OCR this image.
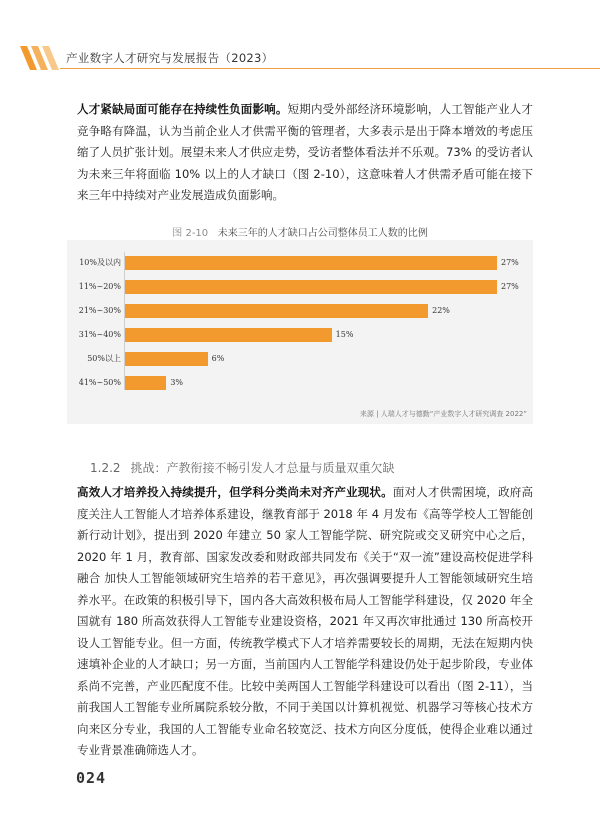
产业数字人才研究与发展报告（2023）
人才紧缺局面可能存在持续性负面影响。短期内受外部经济环境影响，人工智能产业人才竞争略有降温，认为当前企业人才供需平衡的管理者，大多表示是出于降本增效的考虑压缩了人员扩张计划。展望未来人才供应走势，受访者整体看法并不乐观。73% 的受访者认为未来三年将面临 10% 以上的人才缺口（图 2-10），这意味着人才供需矛盾可能在接下来三年中持续对产业发展造成负面影响。
图 2-10 未来三年的人才缺口占公司整体员工人数的比例
来源 | 人瑞人才与德勤“产业数字人才研究调查 2022”
10%及以内	27%
11%~20%	27%
21%~30%	22%
31%~40%	15%
50%以上	6%
41%~50%	3%
1.2.2 挑战：产教衔接不畅引发人才总量与质量双重欠缺
高效人才培养投入持续提升，但学科分类尚未对齐产业现状。面对人才供需困境，政府高度关注人工智能人才培养体系建设，继教育部于 2018 年 4 月发布《高等学校人工智能创新行动计划》，提出到 2020 年建立 50 家人工智能学院、研究院或交叉研究中心之后，2020 年 1 月，教育部、国家发改委和财政部共同发布《关于“双一流”建设高校促进学科融合 加快人工智能领域研究生培养的若干意见》，再次强调要提升人工智能领域研究生培养水平。在政策的积极引导下，国内各大高效积极布局人工智能学科建设，仅 2020 年全国就有 180 所高效获得人工智能专业建设资格，2021 年又再次审批通过 130 所高校开设人工智能专业。但一方面，传统教学模式下人才培养需要较长的周期，无法在短期内快速填补企业的人才缺口；另一方面，当前国内人工智能学科建设仍处于起步阶段，专业体系尚不完善，产业匹配度不佳。比较中美两国人工智能学科建设可以看出（图 2-11），当前我国人工智能专业所属院系较分散，不同于美国以计算机视觉、机器学习等核心技术方向来区分专业，我国的人工智能专业命名较宽泛、技术方向区分度低，使得企业难以通过专业背景准确筛选人才。
024
